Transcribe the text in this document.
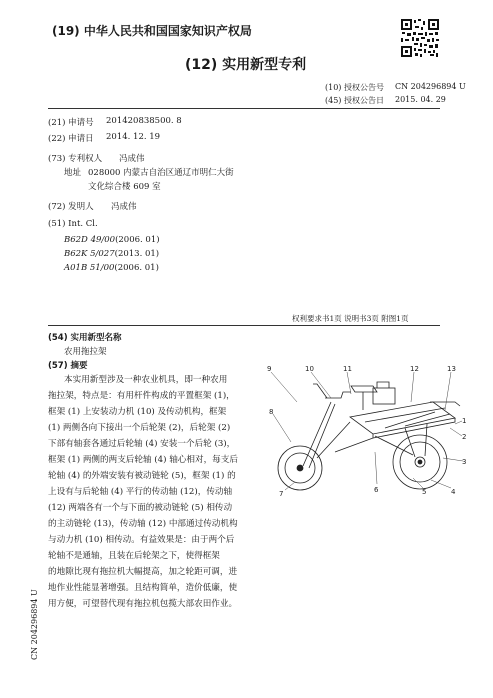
(19) 中华人民共和国国家知识产权局
(12) 实用新型专利
(10) 授权公告号 CN 204296894 U
(45) 授权公告日 2015. 04. 29
(21) 申请号 201420838500. 8
(22) 申请日 2014. 12. 19
(73) 专利权人 冯成伟
地址 028000 内蒙古自治区通辽市明仁大街
文化综合楼 609 室
(72) 发明人 冯成伟
(51) Int. Cl.
B62D 49/00(2006. 01)
B62K 5/027(2013. 01)
A01B 51/00(2006. 01)
权利要求书1页 说明书3页 附图1页
(54) 实用新型名称
农用拖拉架
(57) 摘要
本实用新型涉及一种农业机具，即一种农用
拖拉架，特点是：有用杆件构成的平置框架 (1)，
框架 (1) 上安装动力机 (10) 及传动机构，框架
(1) 两侧各向下接出一个后轮架 (2)，后轮架 (2)
下部有轴套各通过后轮轴 (4) 安装一个后轮 (3)，
框架 (1) 两侧的两支后轮轴 (4) 轴心相对，每支后
轮轴 (4) 的外端安装有被动链轮 (5)，框架 (1) 的
上设有与后轮轴 (4) 平行的传动轴 (12)，传动轴
(12) 两端各有一个与下面的被动链轮 (5) 相传动
的主动链轮 (13)，传动轴 (12) 中部通过传动机构
与动力机 (10) 相传动。有益效果是：由于两个后
轮轴不是通轴，且装在后轮架之下，使得框架
的地隙比现有拖拉机大幅提高，加之轮距可调，进
地作业性能显著增强。且结构简单，造价低廉，使
用方便，可望替代现有拖拉机包揽大部农田作业。
CN 204296894 U
9	10	11	12	13
1
2
3
4
5
6
7
8
